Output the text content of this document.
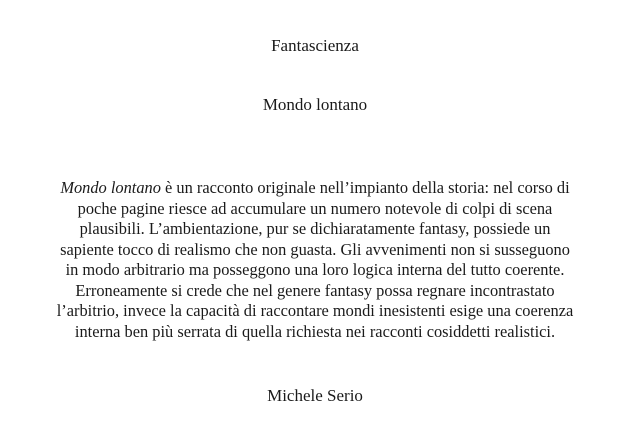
Fantascienza
Mondo lontano
Mondo lontano è un racconto originale nell’impianto della storia: nel corso di
poche pagine riesce ad accumulare un numero notevole di colpi di scena
plausibili. L’ambientazione, pur se dichiaratamente fantasy, possiede un
sapiente tocco di realismo che non guasta. Gli avvenimenti non si susseguono
in modo arbitrario ma posseggono una loro logica interna del tutto coerente.
Erroneamente si crede che nel genere fantasy possa regnare incontrastato
l’arbitrio, invece la capacità di raccontare mondi inesistenti esige una coerenza
interna ben più serrata di quella richiesta nei racconti cosiddetti realistici.
Michele Serio
